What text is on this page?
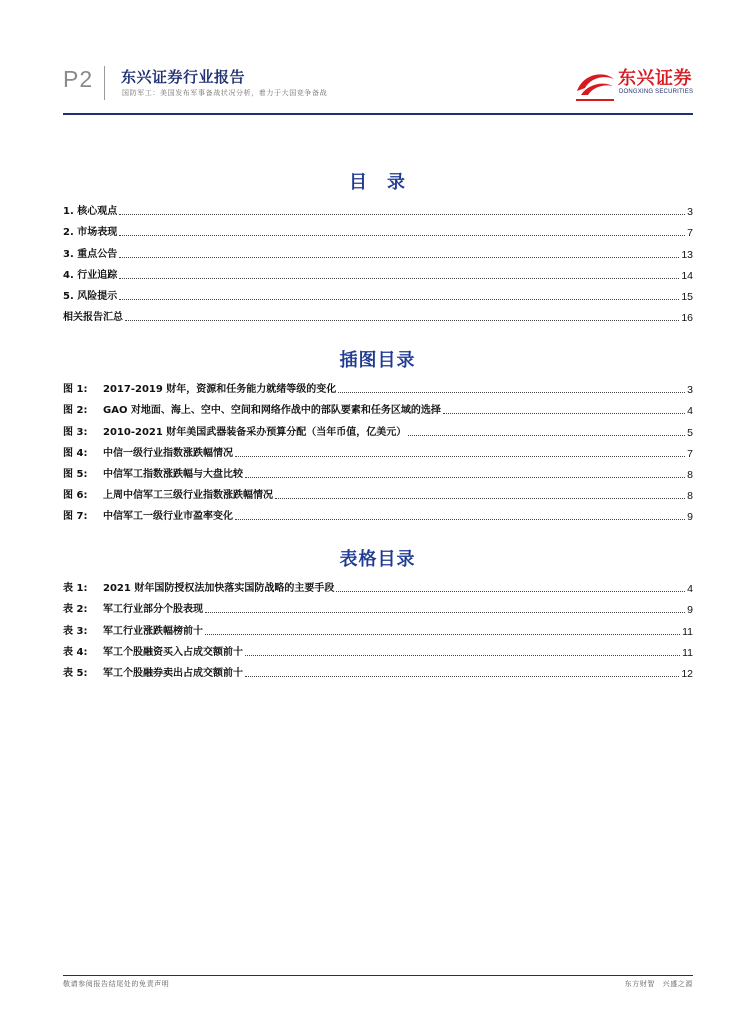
P2 东兴证券行业报告
国防军工：美国发布军事备战状况分析，着力于大国竞争备战
东兴证券
DONGXING SECURITIES
目　录
1. 核心观点	3
2. 市场表现	7
3. 重点公告	13
4. 行业追踪	14
5. 风险提示	15
相关报告汇总	16
插图目录
图 1:	2017-2019 财年，资源和任务能力就绪等级的变化	3
图 2:	GAO 对地面、海上、空中、空间和网络作战中的部队要素和任务区域的选择	4
图 3:	2010-2021 财年美国武器装备采办预算分配（当年币值，亿美元）	5
图 4:	中信一级行业指数涨跌幅情况	7
图 5:	中信军工指数涨跌幅与大盘比较	8
图 6:	上周中信军工三级行业指数涨跌幅情况	8
图 7:	中信军工一级行业市盈率变化	9
表格目录
表 1:	2021 财年国防授权法加快落实国防战略的主要手段	4
表 2:	军工行业部分个股表现	9
表 3:	军工行业涨跌幅榜前十	11
表 4:	军工个股融资买入占成交额前十	11
表 5:	军工个股融券卖出占成交额前十	12
敬请参阅报告结尾处的免责声明	东方财智　兴盛之源
